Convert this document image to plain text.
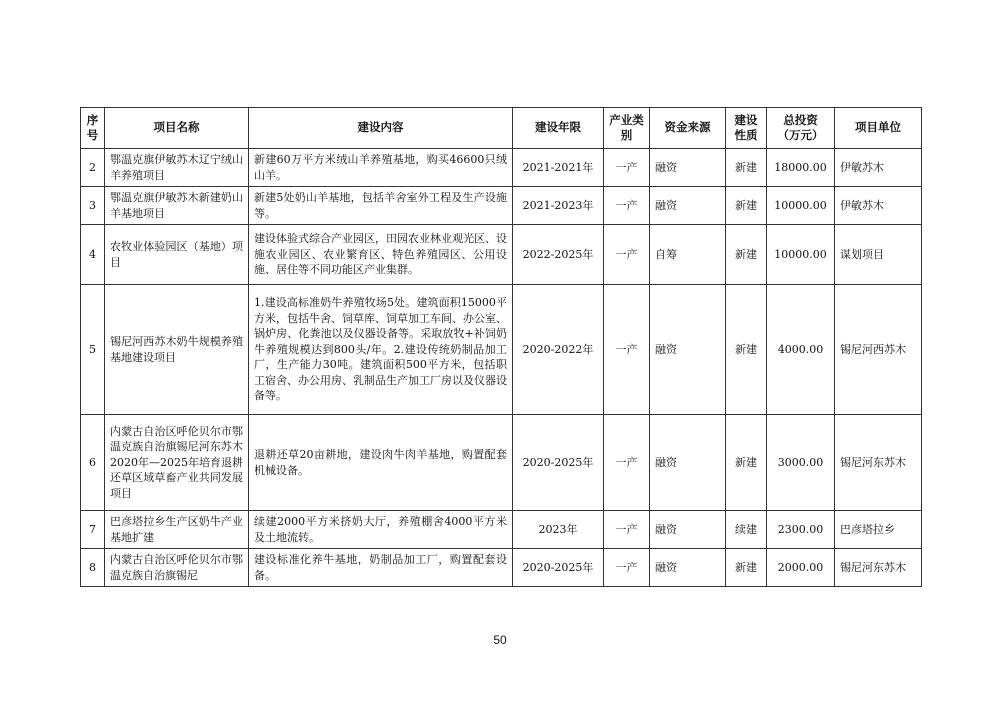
序号	项目名称	建设内容	建设年限	产业类别	资金来源	建设性质	总投资（万元）	项目单位
2	鄂温克旗伊敏苏木辽宁绒山羊养殖项目	新建60万平方米绒山羊养殖基地，购买46600只绒山羊。	2021-2021年	一产	融资	新建	18000.00	伊敏苏木
3	鄂温克旗伊敏苏木新建奶山羊基地项目	新建5处奶山羊基地，包括羊舍室外工程及生产设施等。	2021-2023年	一产	融资	新建	10000.00	伊敏苏木
4	农牧业体验园区（基地）项目	建设体验式综合产业园区，田园农业林业观光区、设施农业园区、农业繁育区、特色养殖园区、公用设施、居住等不同功能区产业集群。	2022-2025年	一产	自筹	新建	10000.00	谋划项目
5	锡尼河西苏木奶牛规模养殖基地建设项目	1.建设高标准奶牛养殖牧场5处。建筑面积15000平方米，包括牛舍、饲草库、饲草加工车间、办公室、锅炉房、化粪池以及仪器设备等。采取放牧+补饲奶牛养殖规模达到800头/年。2.建设传统奶制品加工厂，生产能力30吨。建筑面积500平方米，包括职工宿舍、办公用房、乳制品生产加工厂房以及仪器设备等。	2020-2022年	一产	融资	新建	4000.00	锡尼河西苏木
6	内蒙古自治区呼伦贝尔市鄂温克族自治旗锡尼河东苏木2020年—2025年培育退耕还草区域草畜产业共同发展项目	退耕还草20亩耕地，建设肉牛肉羊基地，购置配套机械设备。	2020-2025年	一产	融资	新建	3000.00	锡尼河东苏木
7	巴彦塔拉乡生产区奶牛产业基地扩建	续建2000平方米挤奶大厅，养殖棚舍4000平方米及土地流转。	2023年	一产	融资	续建	2300.00	巴彦塔拉乡
8	内蒙古自治区呼伦贝尔市鄂温克族自治旗锡尼	建设标准化养牛基地，奶制品加工厂，购置配套设备。	2020-2025年	一产	融资	新建	2000.00	锡尼河东苏木
50
